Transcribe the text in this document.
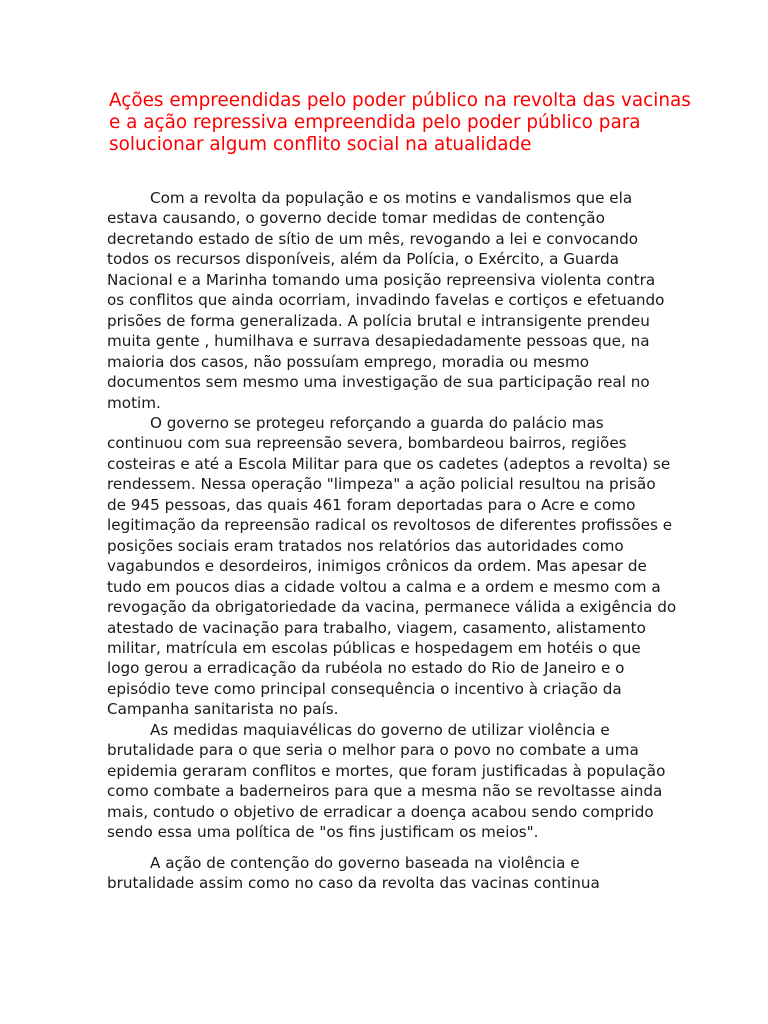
Ações empreendidas pelo poder público na revolta das vacinas
e a ação repressiva empreendida pelo poder público para
solucionar algum conflito social na atualidade

Com a revolta da população e os motins e vandalismos que ela
estava causando, o governo decide tomar medidas de contenção
decretando estado de sítio de um mês, revogando a lei e convocando
todos os recursos disponíveis, além da Polícia, o Exército, a Guarda
Nacional e a Marinha tomando uma posição repreensiva violenta contra
os conflitos que ainda ocorriam, invadindo favelas e cortiços e efetuando
prisões de forma generalizada. A polícia brutal e intransigente prendeu
muita gente , humilhava e surrava desapiedadamente pessoas que, na
maioria dos casos, não possuíam emprego, moradia ou mesmo
documentos sem mesmo uma investigação de sua participação real no
motim.

O governo se protegeu reforçando a guarda do palácio mas
continuou com sua repreensão severa, bombardeou bairros, regiões
costeiras e até a Escola Militar para que os cadetes (adeptos a revolta) se
rendessem. Nessa operação "limpeza" a ação policial resultou na prisão
de 945 pessoas, das quais 461 foram deportadas para o Acre e como
legitimação da repreensão radical os revoltosos de diferentes profissões e
posições sociais eram tratados nos relatórios das autoridades como
vagabundos e desordeiros, inimigos crônicos da ordem. Mas apesar de
tudo em poucos dias a cidade voltou a calma e a ordem e mesmo com a
revogação da obrigatoriedade da vacina, permanece válida a exigência do
atestado de vacinação para trabalho, viagem, casamento, alistamento
militar, matrícula em escolas públicas e hospedagem em hotéis o que
logo gerou a erradicação da rubéola no estado do Rio de Janeiro e o
episódio teve como principal consequência o incentivo à criação da
Campanha sanitarista no país.

As medidas maquiavélicas do governo de utilizar violência e
brutalidade para o que seria o melhor para o povo no combate a uma
epidemia geraram conflitos e mortes, que foram justificadas à população
como combate a baderneiros para que a mesma não se revoltasse ainda
mais, contudo o objetivo de erradicar a doença acabou sendo comprido
sendo essa uma política de "os fins justificam os meios".

A ação de contenção do governo baseada na violência e
brutalidade assim como no caso da revolta das vacinas continua
